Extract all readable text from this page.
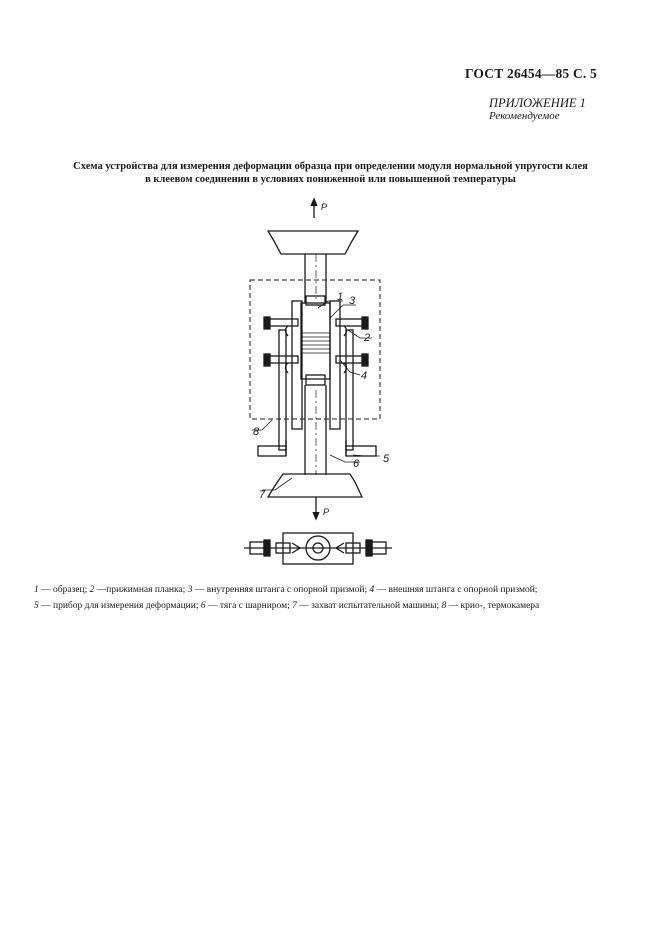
ГОСТ 26454—85 С. 5
ПРИЛОЖЕНИЕ 1
Рекомендуемое
Схема устройства для измерения деформации образца при определении модуля нормальной упругости клея
в клеевом соединении в условиях пониженной или повышенной температуры
P
P
1 3
2
4
5
6
7
8
1 — образец; 2 —прижимная планка; 3 — внутренняя штанга с опорной призмой; 4 — внешняя штанга с опорной призмой;
5 — прибор для измерения деформации; 6 — тяга с шарниром; 7 — захват испытательной машины; 8 — крио-, термокамера
